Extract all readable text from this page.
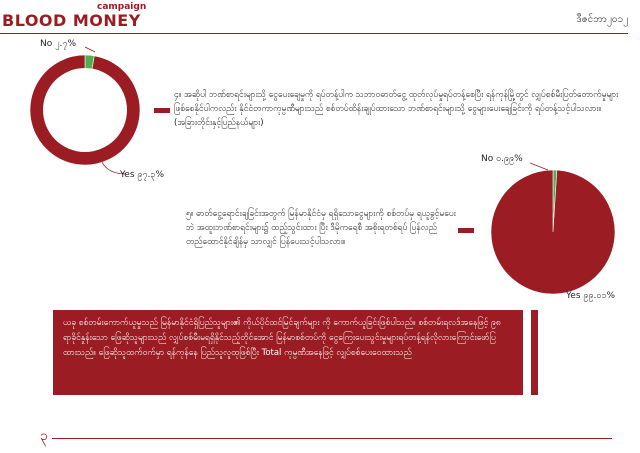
campaign
BLOOD MONEY	ဒီဇင်ဘာ၂၀၁၂
No ၂.၇%
Yes ၉၇.၃%
၄။ အဆိုပါ ဘဏ်စာရင်းများသို့ ငွေပေးချေမှုကို ရပ်တန့်ပါက သဘာဝဓာတ်ငွေ့ ထုတ်လုပ်မှုရပ်တန့်စေပြီး ရန်ကုန်မြို့တွင် လျှပ်စစ်မီးပြတ်တောက်မှုများ ဖြစ်စေနိုင်ပါကလည်း နိုင်ငံတကာကုမ္ပဏီများသည် စစ်တပ်ထိန်းချုပ်ထားသော ဘဏ်စာရင်းများသို့ ငွေများပေးချေခြင်းကို ရပ်တန့်သင့်ပါသလား။ (အခြားတိုင်းနှင့်ပြည်နယ်များ)
No ၀.၉၉%
Yes ၉၉.၀၁%
၅။ ဓာတ်ငွေ့ရောင်းချခြင်းအတွက် မြန်မာနိုင်ငံမှ ရရှိသောငွေများကို စစ်တပ်မှ ရယူခွင့်မပေးဘဲ အထူးဘဏ်စာရင်းများ၌ ထည့်သွင်းထား ပြီး ဒီမိုကရေစီ အစိုးရတစ်ရပ် ပြန်လည်တည်ထောင်နိုင်ချိန်မှ သာလျှင် ပြန်ပေးသင့်ပါသလား။
ယခု စစ်တမ်းကောက်ယူမှုသည် မြန်မာနိုင်ငံရှိပြည်သူများ၏ ကိုယ်ပိုင်ထင်မြင်ချက်များ ကို ကောက်ယူခြင်းဖြစ်ပါသည်။ စစ်တမ်းရလဒ်အနေဖြင့် ၉၈ ရာခိုင်နှုန်းသော ဖြေဆိုသူများသည် လျှပ်စစ်မီးမရရှိနိုင်သည့်တိုင်အောင် မြန်မာစစ်တပ်ကို ငွေကြေးပေးသွင်းမှုများရပ်တန့်ရန်လိုလားကြောင်းဖော်ပြထားသည်။ ဖြေဆိုသူထက်ဝက်မှာ ရန်ကုန်နေ ပြည်သူလူထုဖြစ်ပြီး Total ကုမ္ပဏီအနေဖြင့် လျှပ်စစ်ပေးဝေထားသည်
၃
